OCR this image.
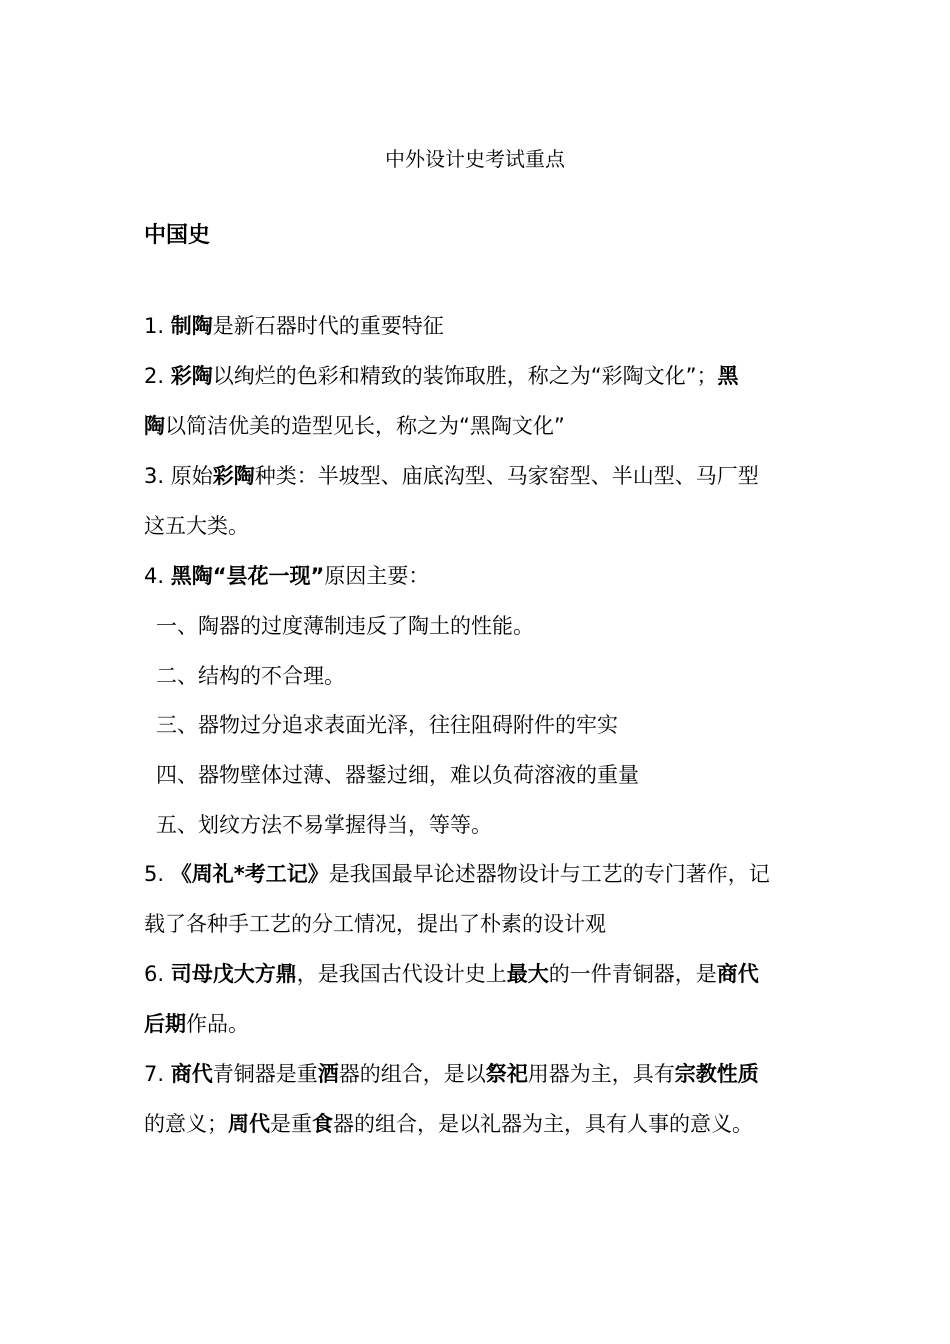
中外设计史考试重点
中国史
1. 制陶是新石器时代的重要特征
2. 彩陶以绚烂的色彩和精致的装饰取胜，称之为“彩陶文化”；黑
陶以简洁优美的造型见长，称之为“黑陶文化”
3. 原始彩陶种类：半坡型、庙底沟型、马家窑型、半山型、马厂型
这五大类。
4. 黑陶“昙花一现”原因主要：
一、陶器的过度薄制违反了陶土的性能。
二、结构的不合理。
三、器物过分追求表面光泽，往往阻碍附件的牢实
四、器物壁体过薄、器鋬过细，难以负荷溶液的重量
五、划纹方法不易掌握得当，等等。
5. 《周礼*考工记》是我国最早论述器物设计与工艺的专门著作，记
载了各种手工艺的分工情况，提出了朴素的设计观
6. 司母戊大方鼎，是我国古代设计史上最大的一件青铜器，是商代
后期作品。
7. 商代青铜器是重酒器的组合，是以祭祀用器为主，具有宗教性质
的意义；周代是重食器的组合，是以礼器为主，具有人事的意义。
